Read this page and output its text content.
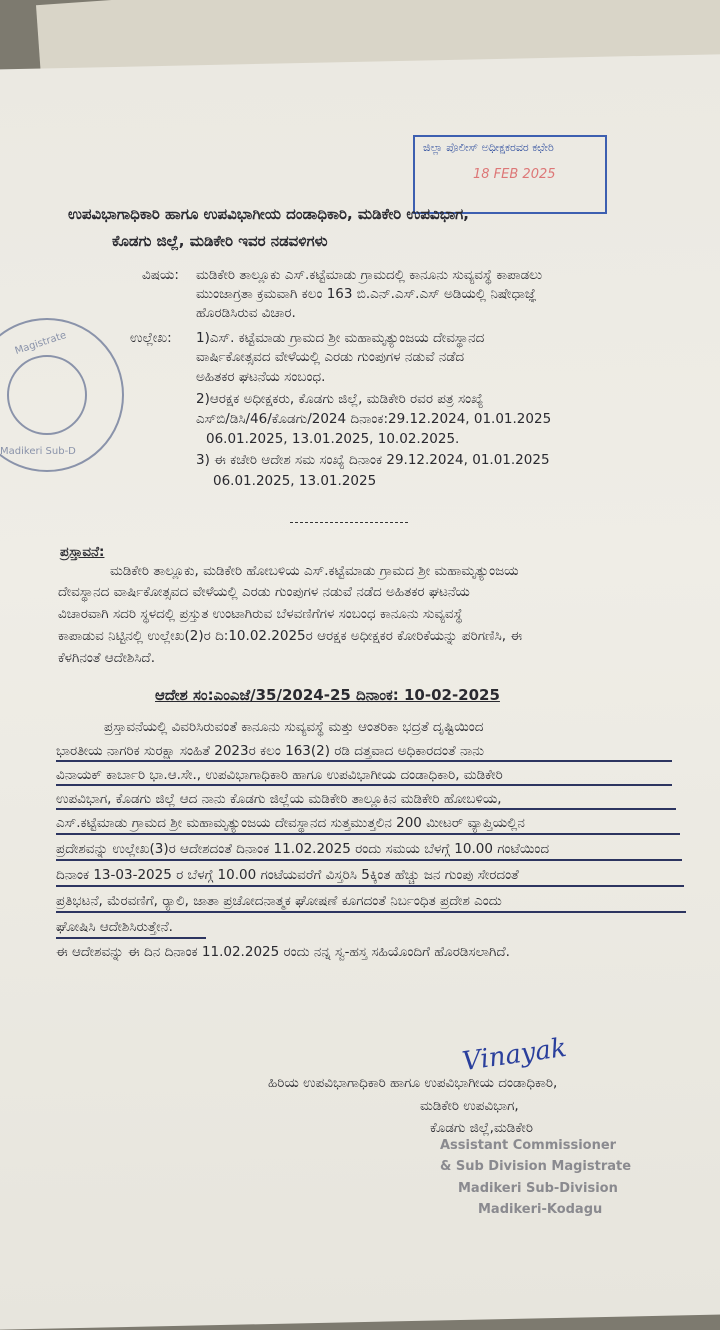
ಜಿಲ್ಲಾ ಪೊಲೀಸ್ ಅಧೀಕ್ಷಕರವರ ಕಛೇರಿ
18 FEB 2025
Magistrate
Madikeri Sub-D
ಉಪವಿಭಾಗಾಧಿಕಾರಿ ಹಾಗೂ ಉಪವಿಭಾಗೀಯ ದಂಡಾಧಿಕಾರಿ, ಮಡಿಕೇರಿ ಉಪವಿಭಾಗ,
ಕೊಡಗು ಜಿಲ್ಲೆ, ಮಡಿಕೇರಿ ಇವರ ನಡವಳಿಗಳು
ವಿಷಯ: ಮಡಿಕೇರಿ ತಾಲ್ಲೂಕು ಎಸ್.ಕಟ್ಟೆಮಾಡು ಗ್ರಾಮದಲ್ಲಿ ಕಾನೂನು ಸುವ್ಯವಸ್ಥೆ ಕಾಪಾಡಲು
ಮುಂಜಾಗ್ರತಾ ಕ್ರಮವಾಗಿ ಕಲಂ 163 ಬಿ.ಎನ್.ಎಸ್.ಎಸ್ ಅಡಿಯಲ್ಲಿ ನಿಷೇಧಾಜ್ಞೆ
ಹೊರಡಿಸಿರುವ ವಿಚಾರ.
ಉಲ್ಲೇಖ: 1)ಎಸ್. ಕಟ್ಟೆಮಾಡು ಗ್ರಾಮದ ಶ್ರೀ ಮಹಾಮೃತ್ಯುಂಜಯ ದೇವಸ್ಥಾನದ
ವಾರ್ಷಿಕೋತ್ಸವದ ವೇಳೆಯಲ್ಲಿ ಎರಡು ಗುಂಪುಗಳ ನಡುವೆ ನಡೆದ
ಅಹಿತಕರ ಘಟನೆಯ ಸಂಬಂಧ.
2)ಆರಕ್ಷಕ ಅಧೀಕ್ಷಕರು, ಕೊಡಗು ಜಿಲ್ಲೆ, ಮಡಿಕೇರಿ ರವರ ಪತ್ರ ಸಂಖ್ಯೆ
ಎಸ್‌ಬಿ/ಡಿಸಿ/46/ಕೊಡಗು/2024 ದಿನಾಂಕ:29.12.2024, 01.01.2025
06.01.2025, 13.01.2025, 10.02.2025.
3) ಈ ಕಚೇರಿ ಆದೇಶ ಸಮ ಸಂಖ್ಯೆ ದಿನಾಂಕ 29.12.2024, 01.01.2025
06.01.2025, 13.01.2025
ಪ್ರಸ್ತಾವನೆ:
ಮಡಿಕೇರಿ ತಾಲ್ಲೂಕು, ಮಡಿಕೇರಿ ಹೋಬಳಿಯ ಎಸ್.ಕಟ್ಟೆಮಾಡು ಗ್ರಾಮದ ಶ್ರೀ ಮಹಾಮೃತ್ಯುಂಜಯ
ದೇವಸ್ಥಾನದ ವಾರ್ಷಿಕೋತ್ಸವದ ವೇಳೆಯಲ್ಲಿ ಎರಡು ಗುಂಪುಗಳ ನಡುವೆ ನಡೆದ ಅಹಿತಕರ ಘಟನೆಯ
ವಿಚಾರವಾಗಿ ಸದರಿ ಸ್ಥಳದಲ್ಲಿ ಪ್ರಸ್ತುತ ಉಂಟಾಗಿರುವ ಬೆಳವಣಿಗೆಗಳ ಸಂಬಂಧ ಕಾನೂನು ಸುವ್ಯವಸ್ಥೆ
ಕಾಪಾಡುವ ನಿಟ್ಟಿನಲ್ಲಿ ಉಲ್ಲೇಖ(2)ರ ದಿ:10.02.2025ರ ಆರಕ್ಷಕ ಅಧೀಕ್ಷಕರ ಕೋರಿಕೆಯನ್ನು ಪರಿಗಣಿಸಿ, ಈ
ಕೆಳಗಿನಂತೆ ಆದೇಶಿಸಿದೆ.
ಆದೇಶ ಸಂ:ಎಂಎಜೆ/35/2024-25 ದಿನಾಂಕ: 10-02-2025
ಪ್ರಸ್ತಾವನೆಯಲ್ಲಿ ವಿವರಿಸಿರುವಂತೆ ಕಾನೂನು ಸುವ್ಯವಸ್ಥೆ ಮತ್ತು ಆಂತರಿಕಾ ಭದ್ರತೆ ದೃಷ್ಟಿಯಿಂದ
ಭಾರತೀಯ ನಾಗರಿಕ ಸುರಕ್ಷಾ ಸಂಹಿತೆ 2023ರ ಕಲಂ 163(2) ರಡಿ ದತ್ತವಾದ ಅಧಿಕಾರದಂತೆ ನಾನು
ವಿನಾಯಕ್ ಕಾರ್ಬಾರಿ ಭಾ.ಆ.ಸೇ., ಉಪವಿಭಾಗಾಧಿಕಾರಿ ಹಾಗೂ ಉಪವಿಭಾಗೀಯ ದಂಡಾಧಿಕಾರಿ, ಮಡಿಕೇರಿ
ಉಪವಿಭಾಗ, ಕೊಡಗು ಜಿಲ್ಲೆ ಆದ ನಾನು ಕೊಡಗು ಜಿಲ್ಲೆಯ ಮಡಿಕೇರಿ ತಾಲ್ಲೂಕಿನ ಮಡಿಕೇರಿ ಹೋಬಳಿಯ,
ಎಸ್.ಕಟ್ಟೆಮಾಡು ಗ್ರಾಮದ ಶ್ರೀ ಮಹಾಮೃತ್ಯುಂಜಯ ದೇವಸ್ಥಾನದ ಸುತ್ತಮುತ್ತಲಿನ 200 ಮೀಟರ್ ವ್ಯಾಪ್ತಿಯಲ್ಲಿನ
ಪ್ರದೇಶವನ್ನು ಉಲ್ಲೇಖ(3)ರ ಆದೇಶದಂತೆ ದಿನಾಂಕ 11.02.2025 ರಂದು ಸಮಯ ಬೆಳಗ್ಗೆ 10.00 ಗಂಟೆಯಿಂದ
ದಿನಾಂಕ 13-03-2025 ರ ಬೆಳಗ್ಗೆ 10.00 ಗಂಟೆಯವರೆಗೆ ವಿಸ್ತರಿಸಿ 5ಕ್ಕಿಂತ ಹೆಚ್ಚು ಜನ ಗುಂಪು ಸೇರದಂತೆ
ಪ್ರತಿಭಟನೆ, ಮೆರವಣಿಗೆ, ರ್‍ಯಾಲಿ, ಜಾತಾ ಪ್ರಚೋದನಾತ್ಮಕ ಘೋಷಣೆ ಕೂಗದಂತೆ ನಿರ್ಬಂಧಿತ ಪ್ರದೇಶ ಎಂದು
ಘೋಷಿಸಿ ಆದೇಶಿಸಿರುತ್ತೇನೆ.
ಈ ಆದೇಶವನ್ನು ಈ ದಿನ ದಿನಾಂಕ 11.02.2025 ರಂದು ನನ್ನ ಸ್ವ-ಹಸ್ತ ಸಹಿಯೊಂದಿಗೆ ಹೊರಡಿಸಲಾಗಿದೆ.
Vinayak
ಹಿರಿಯ ಉಪವಿಭಾಗಾಧಿಕಾರಿ ಹಾಗೂ ಉಪವಿಭಾಗೀಯ ದಂಡಾಧಿಕಾರಿ,
ಮಡಿಕೇರಿ ಉಪವಿಭಾಗ,
ಕೊಡಗು ಜಿಲ್ಲೆ,ಮಡಿಕೇರಿ
Assistant Commissioner
& Sub Division Magistrate
Madikeri Sub-Division
Madikeri-Kodagu
